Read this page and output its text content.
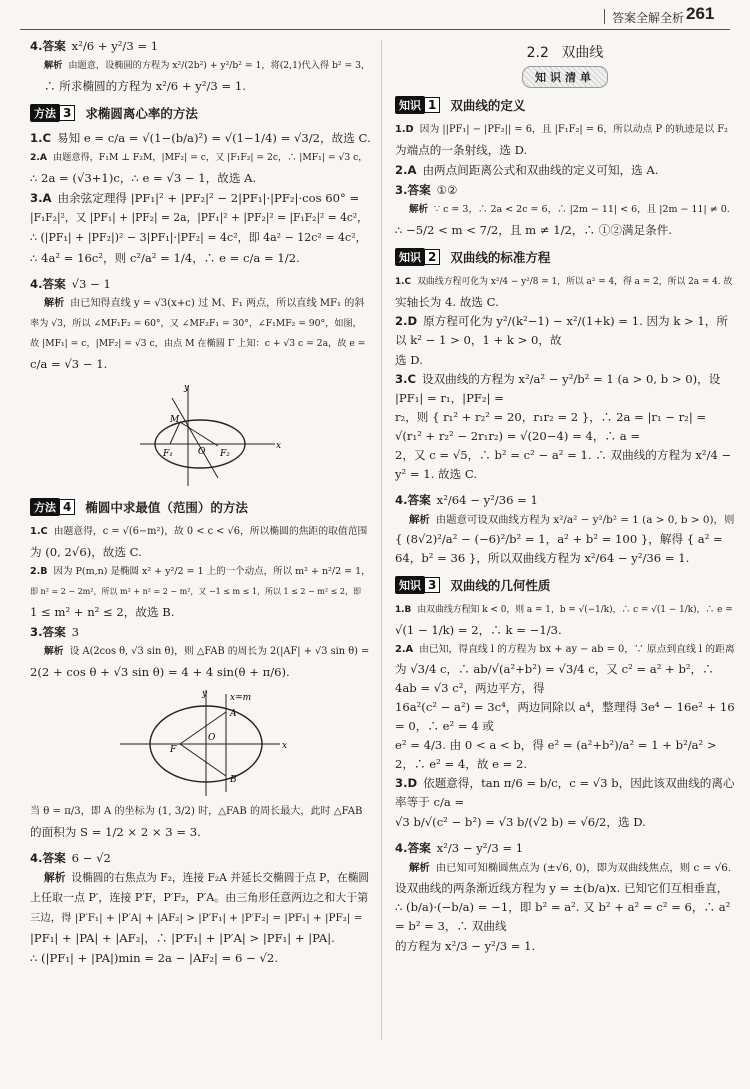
答案全解全析 261
4.答案 x²/6 + y²/3 = 1
解析 由题意，设椭圆的方程为 x²/(2b²) + y²/b² = 1，将(2,1)代入得 b² = 3，
∴ 所求椭圆的方程为 x²/6 + y²/3 = 1.
方法 3	求椭圆离心率的方法
1.C 易知 e = c/a = √(1−(b/a)²) = √(1−1/4) = √3/2，故选 C.
2.A 由题意得，F₁M ⊥ F₂M，|MF₂| = c，又 |F₁F₂| = 2c，∴ |MF₁| = √3 c，
∴ 2a = (√3+1)c，∴ e = √3 − 1，故选 A.
3.A 由余弦定理得 |PF₁|² + |PF₂|² − 2|PF₁|·|PF₂|·cos 60° =
|F₁F₂|²，又 |PF₁| + |PF₂| = 2a，|PF₁|² + |PF₂|² = |F₁F₂|² = 4c²，
∴ (|PF₁| + |PF₂|)² − 3|PF₁|·|PF₂| = 4c²，即 4a² − 12c² = 4c²，
∴ 4a² = 16c²，则 c²/a² = 1/4，∴ e = c/a = 1/2.
4.答案 √3 − 1
解析 由已知得直线 y = √3(x+c) 过 M、F₁ 两点，所以直线 MF₁ 的斜
率为 √3，所以 ∠MF₁F₂ = 60°，又 ∠MF₂F₁ = 30°，∠F₁MF₂ = 90°，如图，
故 |MF₁| = c，|MF₂| = √3 c，由点 M 在椭圆 Γ 上知：c + √3 c = 2a，故 e =
c/a = √3 − 1.
x
y
M
F₁	O F₂
方法 4	椭圆中求最值（范围）的方法
1.C 由题意得，c = √(6−m²)，故 0 < c < √6，所以椭圆的焦距的取值范围
为 (0, 2√6)，故选 C.
2.B 因为 P(m,n) 是椭圆 x² + y²/2 = 1 上的一个动点，所以 m² + n²/2 = 1，
即 n² = 2 − 2m²，所以 m² + n² = 2 − m²，又 −1 ≤ m ≤ 1，所以 1 ≤ 2 − m² ≤ 2，即
1 ≤ m² + n² ≤ 2，故选 B.
3.答案 3
解析 设 A(2cos θ, √3 sin θ)，则 △FAB 的周长为 2(|AF| + √3 sin θ) =
2(2 + cos θ + √3 sin θ) = 4 + 4 sin(θ + π/6).
y	x=m
A
F
O
x
B
当 θ = π/3，即 A 的坐标为 (1, 3/2) 时，△FAB 的周长最大，此时 △FAB
的面积为 S = 1/2 × 2 × 3 = 3.
4.答案 6 − √2
解析 设椭圆的右焦点为 F₂，连接 F₂A 并延长交椭圆于点 P，在椭圆
上任取一点 P′，连接 P′F，P′F₂，P′A。由三角形任意两边之和大于第
三边，得 |P′F₁| + |P′A| + |AF₂| > |P′F₁| + |P′F₂| = |PF₁| + |PF₂| =
|PF₁| + |PA| + |AF₂|，∴ |P′F₁| + |P′A| > |PF₁| + |PA|.
∴ (|PF₁| + |PA|)min = 2a − |AF₂| = 6 − √2.
2.2 双曲线
知识清单
知识 1	双曲线的定义
1.D 因为 ||PF₁| − |PF₂|| = 6，且 |F₁F₂| = 6，所以动点 P 的轨迹是以 F₂
为端点的一条射线，选 D.
2.A 由两点间距离公式和双曲线的定义可知，选 A.
3.答案 ①②
解析 ∵ c = 3，∴ 2a < 2c = 6，∴ |2m − 11| < 6，且 |2m − 11| ≠ 0.
∴ −5/2 < m < 7/2，且 m ≠ 1/2，∴ ①②满足条件.
知识 2	双曲线的标准方程
1.C 双曲线方程可化为 x²/4 − y²/8 = 1，所以 a² = 4，得 a = 2，所以 2a = 4. 故
实轴长为 4. 故选 C.
2.D 原方程可化为 y²/(k²−1) − x²/(1+k) = 1. 因为 k > 1，所以 k² − 1 > 0，1 + k > 0，故
选 D.
3.C 设双曲线的方程为 x²/a² − y²/b² = 1 (a > 0, b > 0)，设 |PF₁| = r₁，|PF₂| =
r₂，则 { r₁² + r₂² = 20，r₁r₂ = 2 }，∴ 2a = |r₁ − r₂| = √(r₁² + r₂² − 2r₁r₂) = √(20−4) = 4，∴ a =
2，又 c = √5，∴ b² = c² − a² = 1. ∴ 双曲线的方程为 x²/4 − y² = 1. 故选 C.
4.答案 x²/64 − y²/36 = 1
解析 由题意可设双曲线方程为 x²/a² − y²/b² = 1 (a > 0, b > 0)，则
{ (8√2)²/a² − (−6)²/b² = 1，a² + b² = 100 }，解得 { a² = 64，b² = 36 }，所以双曲线方程为 x²/64 − y²/36 = 1.
知识 3	双曲线的几何性质
1.B 由双曲线方程知 k < 0，则 a = 1，b = √(−1/k)，∴ c = √(1 − 1/k)，∴ e =
√(1 − 1/k) = 2，∴ k = −1/3.
2.A 由已知，得直线 l 的方程为 bx + ay − ab = 0，∵ 原点到直线 l 的距离
为 √3/4 c，∴ ab/√(a²+b²) = √3/4 c，又 c² = a² + b²，∴ 4ab = √3 c²，两边平方，得
16a²(c² − a²) = 3c⁴，两边同除以 a⁴，整理得 3e⁴ − 16e² + 16 = 0，∴ e² = 4 或
e² = 4/3. 由 0 < a < b，得 e² = (a²+b²)/a² = 1 + b²/a² > 2，∴ e² = 4，故 e = 2.
3.D 依题意得，tan π/6 = b/c，c = √3 b，因此该双曲线的离心率等于 c/a =
√3 b/√(c² − b²) = √3 b/(√2 b) = √6/2，选 D.
4.答案 x²/3 − y²/3 = 1
解析 由已知可知椭圆焦点为 (±√6, 0)，即为双曲线焦点，则 c = √6.
设双曲线的两条渐近线方程为 y = ±(b/a)x. 已知它们互相垂直，
∴ (b/a)·(−b/a) = −1，即 b² = a². 又 b² + a² = c² = 6，∴ a² = b² = 3，∴ 双曲线
的方程为 x²/3 − y²/3 = 1.
